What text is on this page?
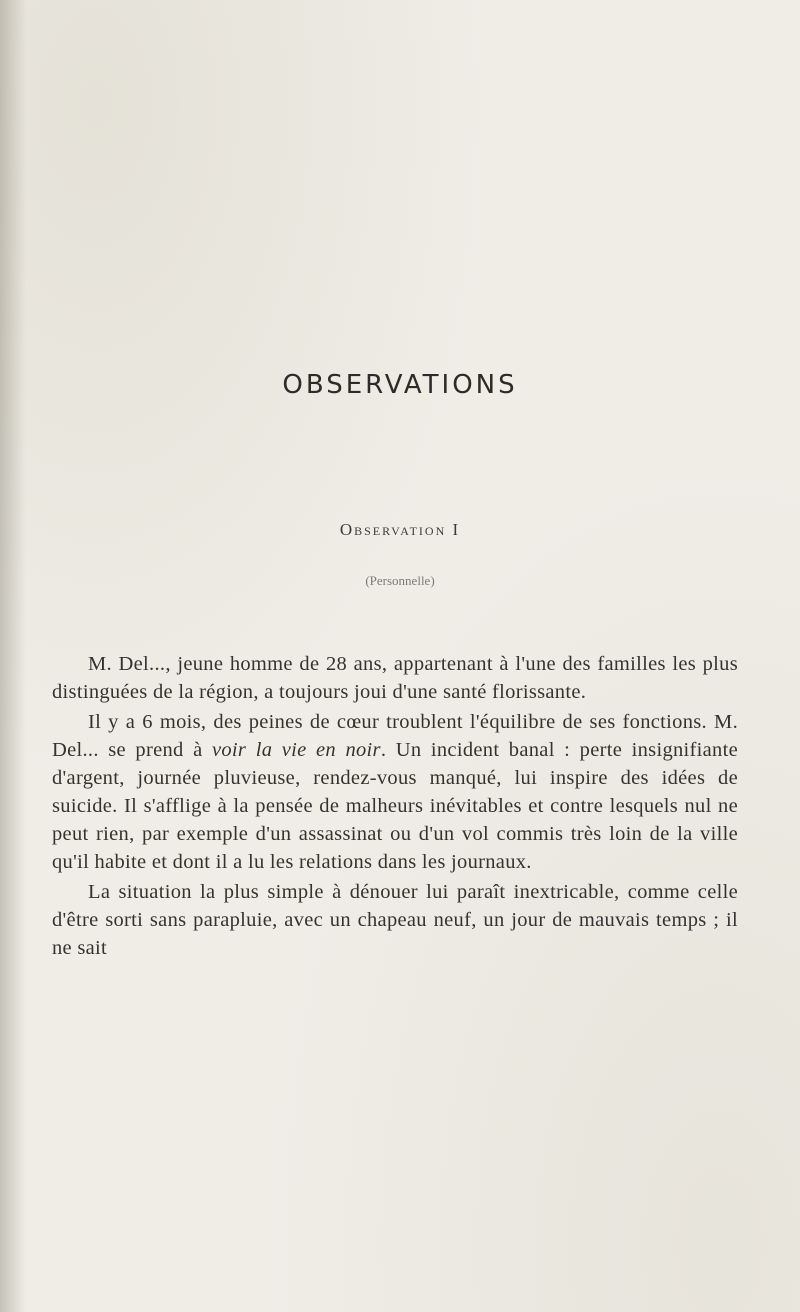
OBSERVATIONS
Observation I
(Personnelle)

M. Del..., jeune homme de 28 ans, appartenant à l'une des familles les plus distinguées de la région, a toujours joui d'une santé florissante.

Il y a 6 mois, des peines de cœur troublent l'équilibre de ses fonctions. M. Del... se prend à voir la vie en noir. Un incident banal : perte insignifiante d'argent, journée pluvieuse, rendez-vous manqué, lui inspire des idées de suicide. Il s'afflige à la pensée de malheurs inévitables et contre lesquels nul ne peut rien, par exemple d'un assassinat ou d'un vol commis très loin de la ville qu'il habite et dont il a lu les relations dans les journaux.

La situation la plus simple à dénouer lui paraît inextricable, comme celle d'être sorti sans parapluie, avec un chapeau neuf, un jour de mauvais temps ; il ne sait
